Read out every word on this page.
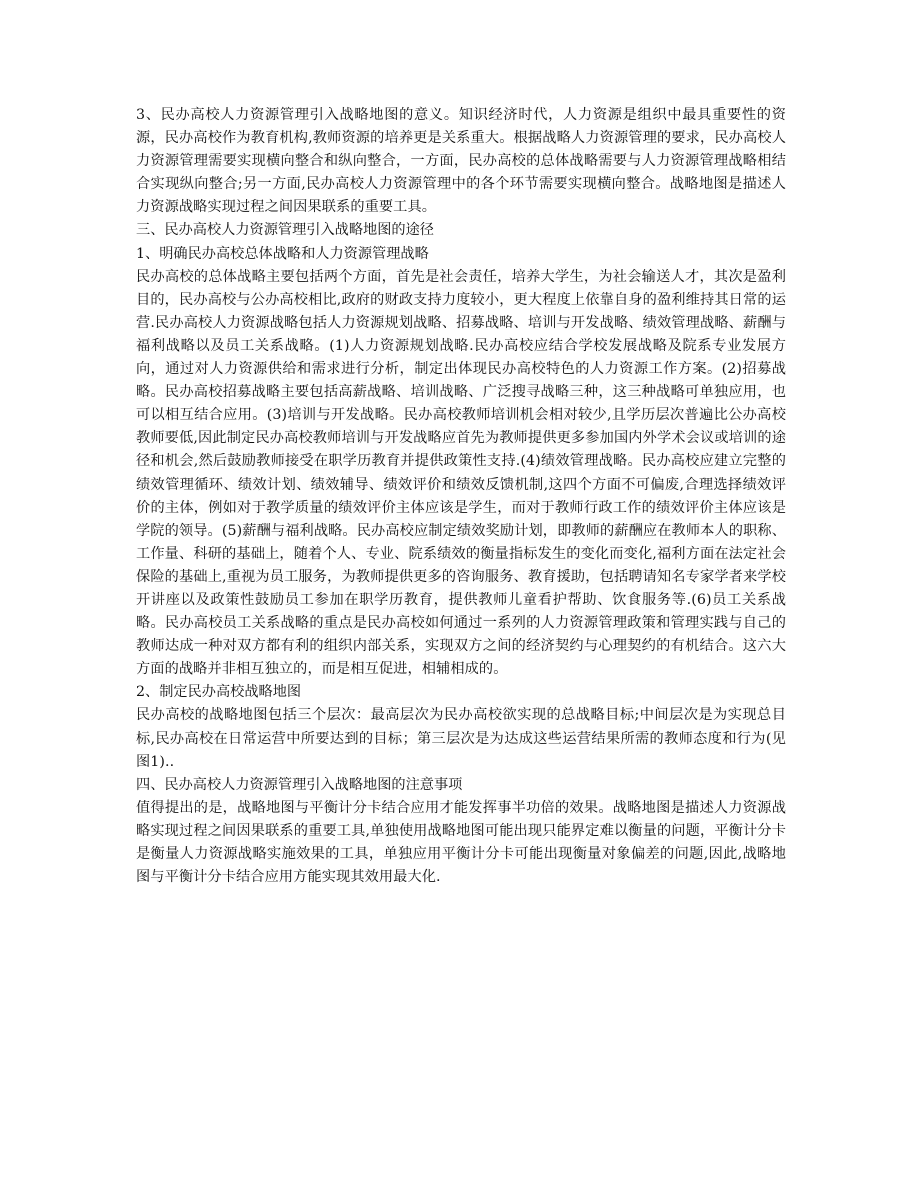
3、民办高校人力资源管理引入战略地图的意义。知识经济时代，人力资源是组织中最具重要性的资源，民办高校作为教育机构,教师资源的培养更是关系重大。根据战略人力资源管理的要求，民办高校人力资源管理需要实现横向整合和纵向整合，一方面，民办高校的总体战略需要与人力资源管理战略相结合实现纵向整合;另一方面,民办高校人力资源管理中的各个环节需要实现横向整合。战略地图是描述人力资源战略实现过程之间因果联系的重要工具。

三、民办高校人力资源管理引入战略地图的途径

1、明确民办高校总体战略和人力资源管理战略

民办高校的总体战略主要包括两个方面，首先是社会责任，培养大学生，为社会输送人才，其次是盈利目的，民办高校与公办高校相比,政府的财政支持力度较小，更大程度上依靠自身的盈利维持其日常的运营.民办高校人力资源战略包括人力资源规划战略、招募战略、培训与开发战略、绩效管理战略、薪酬与福利战略以及员工关系战略。(1)人力资源规划战略.民办高校应结合学校发展战略及院系专业发展方向，通过对人力资源供给和需求进行分析，制定出体现民办高校特色的人力资源工作方案。(2)招募战略。民办高校招募战略主要包括高薪战略、培训战略、广泛搜寻战略三种，这三种战略可单独应用，也可以相互结合应用。(3)培训与开发战略。民办高校教师培训机会相对较少,且学历层次普遍比公办高校教师要低,因此制定民办高校教师培训与开发战略应首先为教师提供更多参加国内外学术会议或培训的途径和机会,然后鼓励教师接受在职学历教育并提供政策性支持.(4)绩效管理战略。民办高校应建立完整的绩效管理循环、绩效计划、绩效辅导、绩效评价和绩效反馈机制,这四个方面不可偏废,合理选择绩效评价的主体，例如对于教学质量的绩效评价主体应该是学生，而对于教师行政工作的绩效评价主体应该是学院的领导。(5)薪酬与福利战略。民办高校应制定绩效奖励计划，即教师的薪酬应在教师本人的职称、工作量、科研的基础上，随着个人、专业、院系绩效的衡量指标发生的变化而变化,福利方面在法定社会保险的基础上,重视为员工服务，为教师提供更多的咨询服务、教育援助，包括聘请知名专家学者来学校开讲座以及政策性鼓励员工参加在职学历教育，提供教师儿童看护帮助、饮食服务等.(6)员工关系战略。民办高校员工关系战略的重点是民办高校如何通过一系列的人力资源管理政策和管理实践与自己的教师达成一种对双方都有利的组织内部关系，实现双方之间的经济契约与心理契约的有机结合。这六大方面的战略并非相互独立的，而是相互促进，相辅相成的。

2、制定民办高校战略地图

民办高校的战略地图包括三个层次：最高层次为民办高校欲实现的总战略目标;中间层次是为实现总目标,民办高校在日常运营中所要达到的目标；第三层次是为达成这些运营结果所需的教师态度和行为(见图1)..

四、民办高校人力资源管理引入战略地图的注意事项

值得提出的是，战略地图与平衡计分卡结合应用才能发挥事半功倍的效果。战略地图是描述人力资源战略实现过程之间因果联系的重要工具,单独使用战略地图可能出现只能界定难以衡量的问题，平衡计分卡是衡量人力资源战略实施效果的工具，单独应用平衡计分卡可能出现衡量对象偏差的问题,因此,战略地图与平衡计分卡结合应用方能实现其效用最大化.
